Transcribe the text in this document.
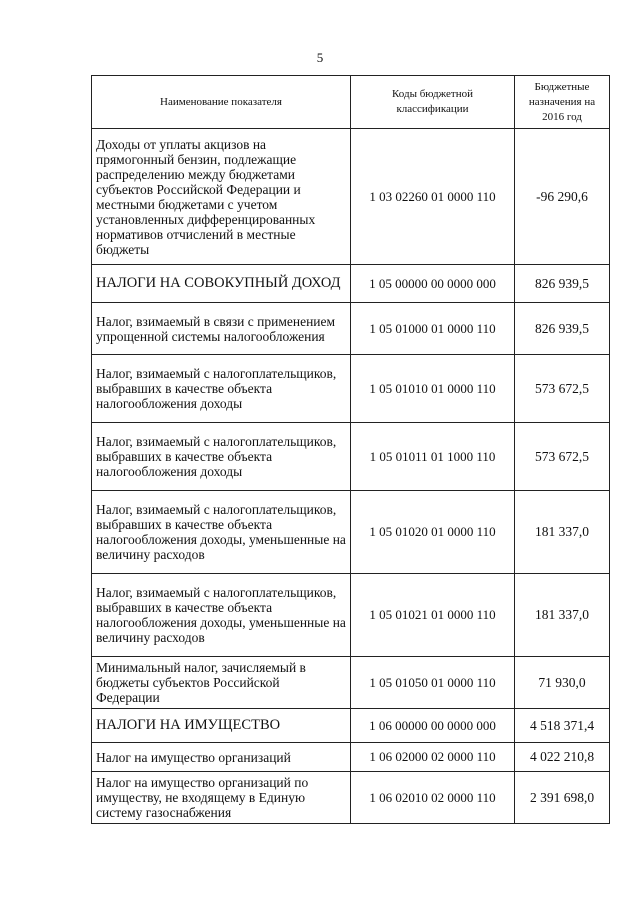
5
Наименование показателя	Коды бюджетной классификации	Бюджетные назначения на 2016 год
Доходы от уплаты акцизов на прямогонный бензин, подлежащие распределению между бюджетами субъектов Российской Федерации и местными бюджетами с учетом установленных дифференцированных нормативов отчислений в местные бюджеты	1 03 02260 01 0000 110	-96 290,6
НАЛОГИ НА СОВОКУПНЫЙ ДОХОД	1 05 00000 00 0000 000	826 939,5
Налог, взимаемый в связи с применением упрощенной системы налогообложения	1 05 01000 01 0000 110	826 939,5
Налог, взимаемый с налогоплательщиков, выбравших в качестве объекта налогообложения доходы	1 05 01010 01 0000 110	573 672,5
Налог, взимаемый с налогоплательщиков, выбравших в качестве объекта налогообложения доходы	1 05 01011 01 1000 110	573 672,5
Налог, взимаемый с налогоплательщиков, выбравших в качестве объекта налогообложения доходы, уменьшенные на величину расходов	1 05 01020 01 0000 110	181 337,0
Налог, взимаемый с налогоплательщиков, выбравших в качестве объекта налогообложения доходы, уменьшенные на величину расходов	1 05 01021 01 0000 110	181 337,0
Минимальный налог, зачисляемый в бюджеты субъектов Российской Федерации	1 05 01050 01 0000 110	71 930,0
НАЛОГИ НА ИМУЩЕСТВО	1 06 00000 00 0000 000	4 518 371,4
Налог на имущество организаций	1 06 02000 02 0000 110	4 022 210,8
Налог на имущество организаций по имуществу, не входящему в Единую систему газоснабжения	1 06 02010 02 0000 110	2 391 698,0
